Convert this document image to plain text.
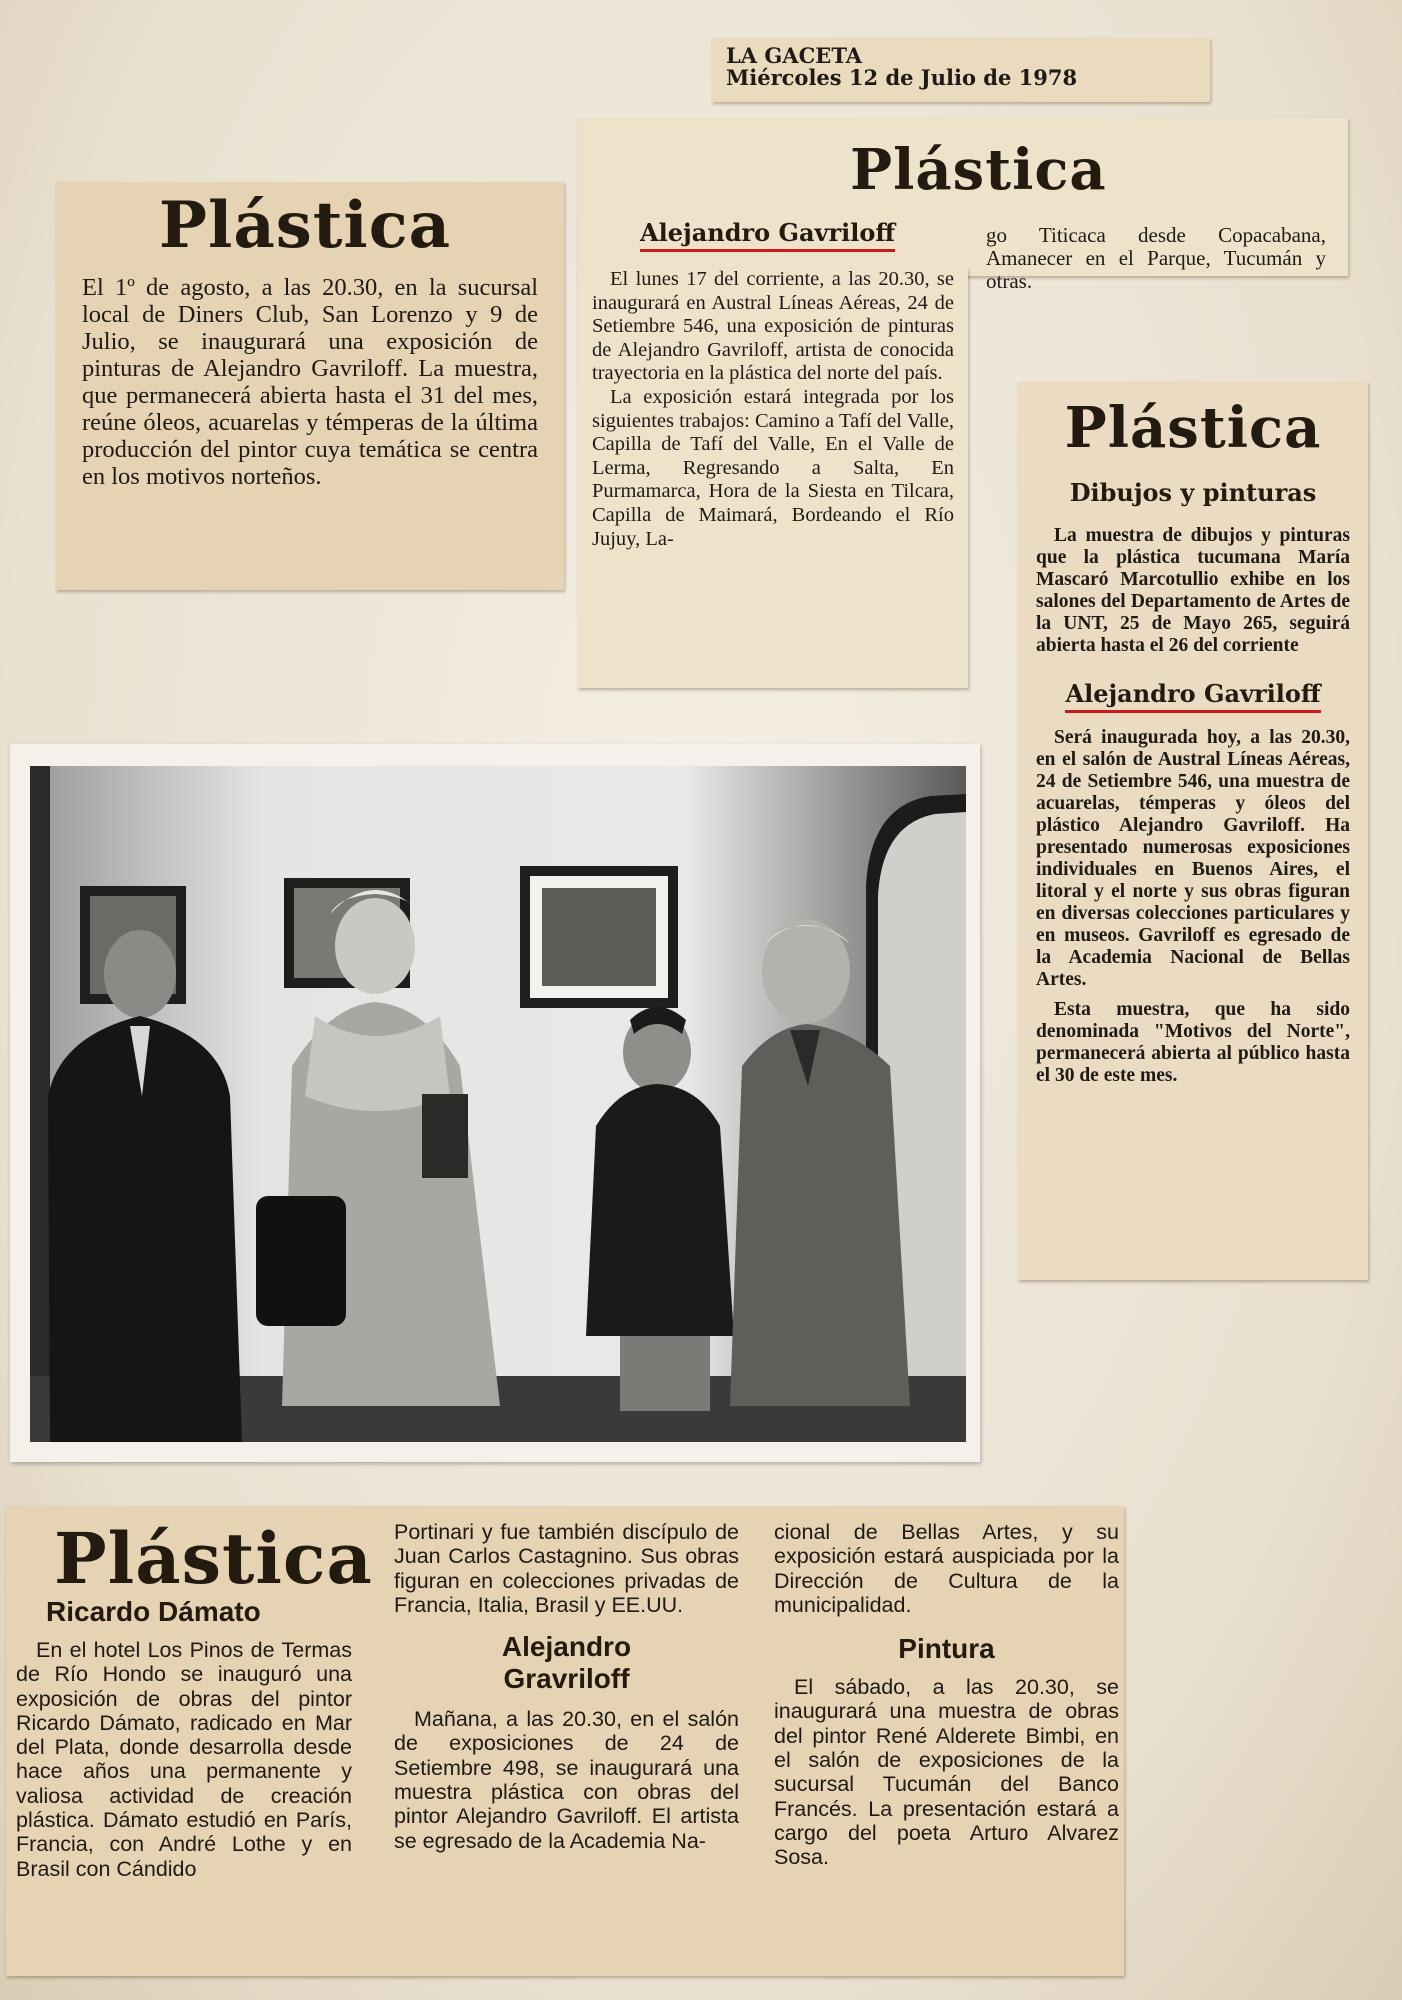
LA GACETA
Miércoles 12 de Julio de 1978
Plástica
El 1º de agosto, a las 20.30, en la sucursal local de Diners Club, San Lorenzo y 9 de Julio, se inaugurará una exposición de pinturas de Alejandro Gavriloff. La muestra, que permanecerá abierta hasta el 31 del mes, reúne óleos, acuarelas y témperas de la última producción del pintor cuya temática se centra en los motivos norteños.
Plástica
Alejandro Gavriloff	go Titicaca desde Copacabana, Amanecer en el Parque, Tucumán y otras.
El lunes 17 del corriente, a las 20.30, se inaugurará en Austral Líneas Aéreas, 24 de Setiembre 546, una exposición de pinturas de Alejandro Gavriloff, artista de conocida trayectoria en la plástica del norte del país.
La exposición estará integrada por los siguientes trabajos: Camino a Tafí del Valle, Capilla de Tafí del Valle, En el Valle de Lerma, Regresando a Salta, En Purmamarca, Hora de la Siesta en Tilcara, Capilla de Maimará, Bordeando el Río Jujuy, La-
Plástica
Dibujos y pinturas
La muestra de dibujos y pinturas que la plástica tucumana María Mascaró Marcotullio exhibe en los salones del Departamento de Artes de la UNT, 25 de Mayo 265, seguirá abierta hasta el 26 del corriente
Alejandro Gavriloff
Será inaugurada hoy, a las 20.30, en el salón de Austral Líneas Aéreas, 24 de Setiembre 546, una muestra de acuarelas, témperas y óleos del plástico Alejandro Gavriloff. Ha presentado numerosas exposiciones individuales en Buenos Aires, el litoral y el norte y sus obras figuran en diversas colecciones particulares y en museos. Gavriloff es egresado de la Academia Nacional de Bellas Artes.
Esta muestra, que ha sido denominada "Motivos del Norte", permanecerá abierta al público hasta el 30 de este mes.
Plástica
Ricardo Dámato
En el hotel Los Pinos de Termas de Río Hondo se inauguró una exposición de obras del pintor Ricardo Dámato, radicado en Mar del Plata, donde desarrolla desde hace años una permanente y valiosa actividad de creación plástica. Dámato estudió en París, Francia, con André Lothe y en Brasil con Cándido
Portinari y fue también discípulo de Juan Carlos Castagnino. Sus obras figuran en colecciones privadas de Francia, Italia, Brasil y EE.UU.
Alejandro
Gravriloff
Mañana, a las 20.30, en el salón de exposiciones de 24 de Setiembre 498, se inaugurará una muestra plástica con obras del pintor Alejandro Gavriloff. El artista se egresado de la Academia Na-
cional de Bellas Artes, y su exposición estará auspiciada por la Dirección de Cultura de la municipalidad.
Pintura
El sábado, a las 20.30, se inaugurará una muestra de obras del pintor René Alderete Bimbi, en el salón de exposiciones de la sucursal Tucumán del Banco Francés. La presentación estará a cargo del poeta Arturo Alvarez Sosa.
